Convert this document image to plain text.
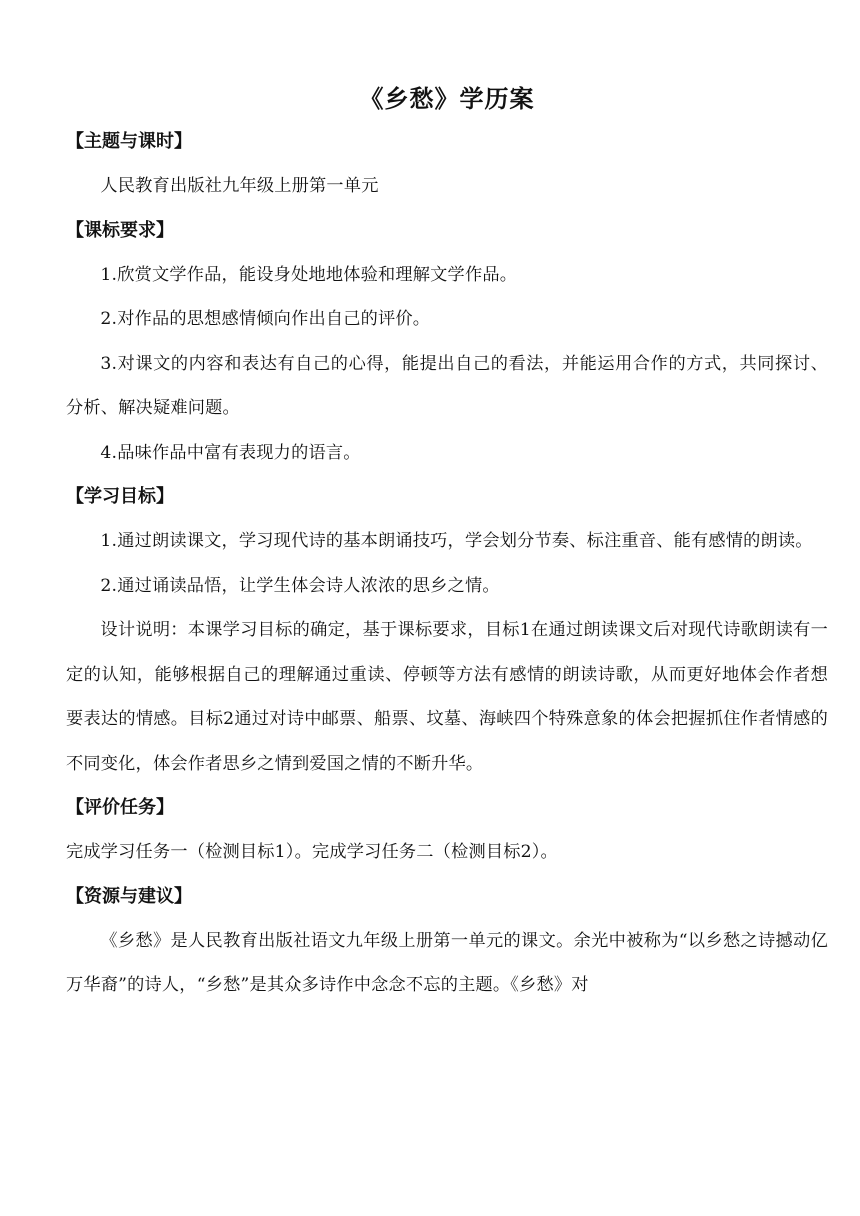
《乡愁》学历案
【主题与课时】

人民教育出版社九年级上册第一单元

【课标要求】

1.欣赏文学作品，能设身处地地体验和理解文学作品。

2.对作品的思想感情倾向作出自己的评价。

3.对课文的内容和表达有自己的心得，能提出自己的看法，并能运用合作的方式，共同探讨、分析、解决疑难问题。

4.品味作品中富有表现力的语言。

【学习目标】

1.通过朗读课文，学习现代诗的基本朗诵技巧，学会划分节奏、标注重音、能有感情的朗读。

2.通过诵读品悟，让学生体会诗人浓浓的思乡之情。

设计说明：本课学习目标的确定，基于课标要求，目标1在通过朗读课文后对现代诗歌朗读有一定的认知，能够根据自己的理解通过重读、停顿等方法有感情的朗读诗歌，从而更好地体会作者想要表达的情感。目标2通过对诗中邮票、船票、坟墓、海峡四个特殊意象的体会把握抓住作者情感的不同变化，体会作者思乡之情到爱国之情的不断升华。

【评价任务】

完成学习任务一（检测目标1）。完成学习任务二（检测目标2）。

【资源与建议】

《乡愁》是人民教育出版社语文九年级上册第一单元的课文。余光中被称为“以乡愁之诗撼动亿万华裔”的诗人，“乡愁”是其众多诗作中念念不忘的主题。《乡愁》对
